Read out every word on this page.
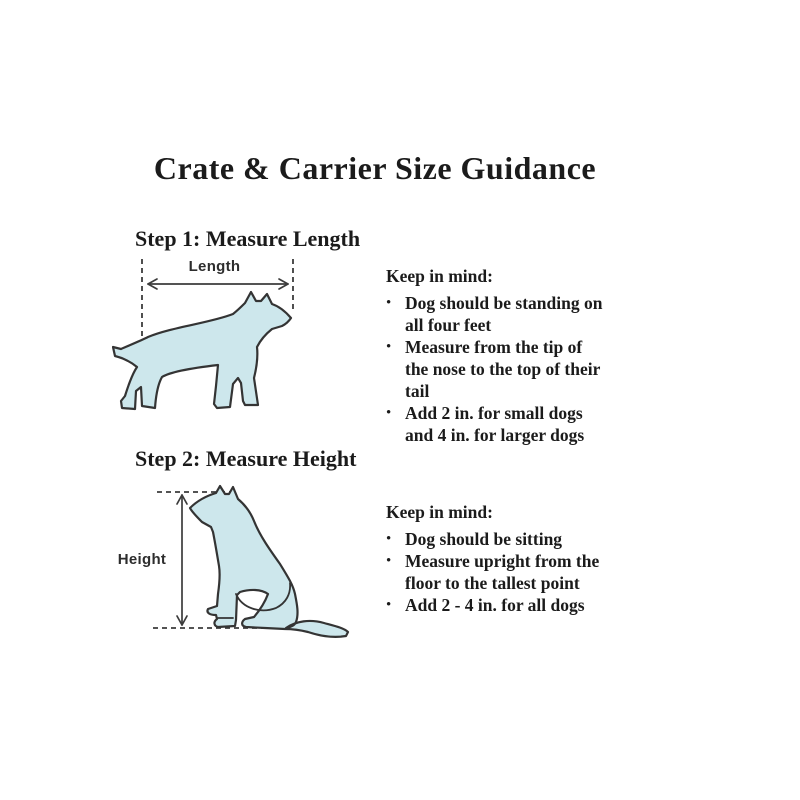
Crate & Carrier Size Guidance
Step 1: Measure Length
Length	Keep in mind:
• Dog should be standing on
all four feet
• Measure from the tip of
the nose to the top of their
tail
• Add 2 in. for small dogs
and 4 in. for larger dogs
Step 2: Measure Height
Height
Keep in mind:
• Dog should be sitting
• Measure upright from the
floor to the tallest point
• Add 2 - 4 in. for all dogs
